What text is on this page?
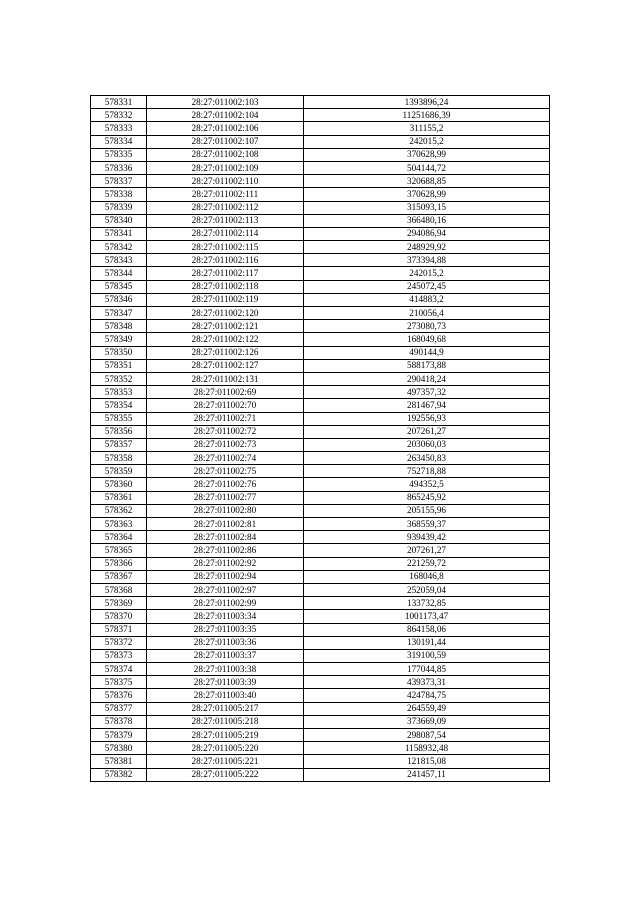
578331	28:27:011002:103	1393896,24
578332	28:27:011002:104	11251686,39
578333	28:27:011002:106	311155,2
578334	28:27:011002:107	242015,2
578335	28:27:011002:108	370628,99
578336	28:27:011002:109	504144,72
578337	28:27:011002:110	320688,85
578338	28:27:011002:111	370628,99
578339	28:27:011002:112	315093,15
578340	28:27:011002:113	366480,16
578341	28:27:011002:114	294086,94
578342	28:27:011002:115	248929,92
578343	28:27:011002:116	373394,88
578344	28:27:011002:117	242015,2
578345	28:27:011002:118	245072,45
578346	28:27:011002:119	414883,2
578347	28:27:011002:120	210056,4
578348	28:27:011002:121	273080,73
578349	28:27:011002:122	168049,68
578350	28:27:011002:126	490144,9
578351	28:27:011002:127	588173,88
578352	28:27:011002:131	290418,24
578353	28:27:011002:69	497357,32
578354	28:27:011002:70	281467,94
578355	28:27:011002:71	192556,93
578356	28:27:011002:72	207261,27
578357	28:27:011002:73	203060,03
578358	28:27:011002:74	263450,83
578359	28:27:011002:75	752718,88
578360	28:27:011002:76	494352,5
578361	28:27:011002:77	865245,92
578362	28:27:011002:80	205155,96
578363	28:27:011002:81	368559,37
578364	28:27:011002:84	939439,42
578365	28:27:011002:86	207261,27
578366	28:27:011002:92	221259,72
578367	28:27:011002:94	168046,8
578368	28:27:011002:97	252059,04
578369	28:27:011002:99	133732,85
578370	28:27:011003:34	1001173,47
578371	28:27:011003:35	864158,06
578372	28:27:011003:36	130191,44
578373	28:27:011003:37	319100,59
578374	28:27:011003:38	177044,85
578375	28:27:011003:39	439373,31
578376	28:27:011003:40	424784,75
578377	28:27:011005:217	264559,49
578378	28:27:011005:218	373669,09
578379	28:27:011005:219	298087,54
578380	28:27:011005:220	1158932,48
578381	28:27:011005:221	121815,08
578382	28:27:011005:222	241457,11
